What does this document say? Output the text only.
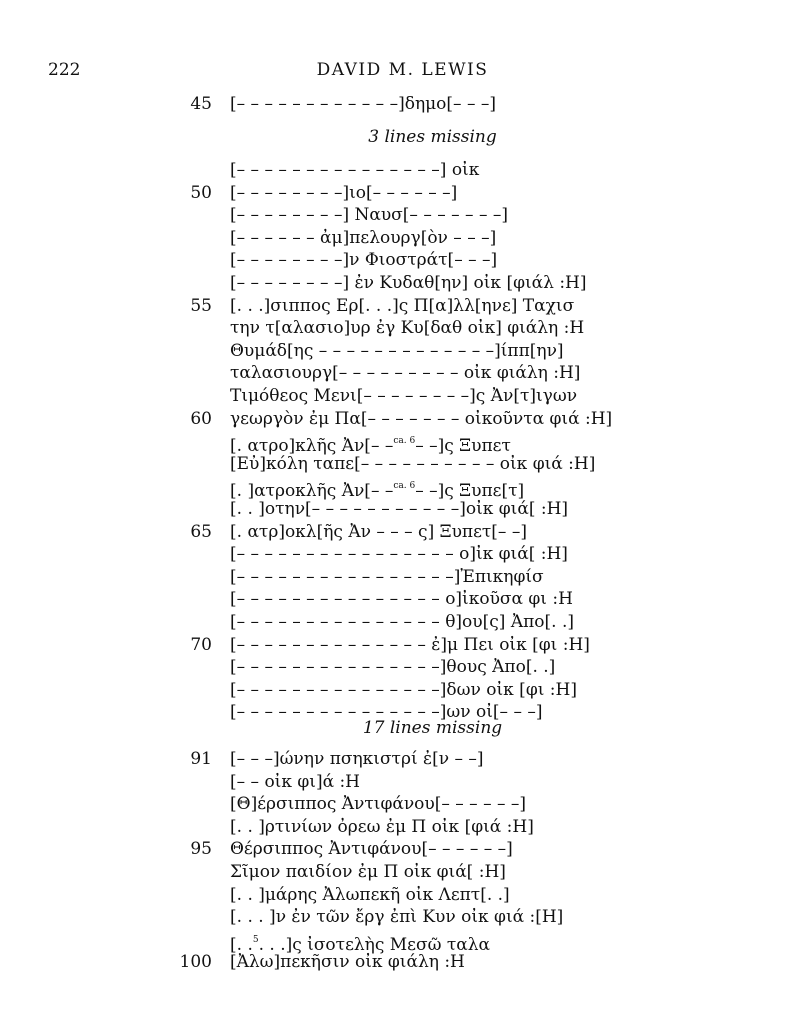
222	DAVID M. LEWIS
45 [– – – – – – – – – – – –]δημο[– – –]
3 lines missing
[– – – – – – – – – – – – – – –] οἰκ
50 [– – – – – – – –]ιο[– – – – – –]
[– – – – – – – –] Ναυσ[– – – – – – –]
[– – – – – – ἀμ]πελουργ[ὸν – – –]
[– – – – – – – –]ν Φιοστράτ[– – –]
[– – – – – – – –] ἐν Κυδαθ[ην] οἰκ [φιάλ :Η]
55 [. . .]σιππος Ερ[. . .]ς Π[α]λλ[ηνε] Ταχισ
την τ[αλασιο]υρ ἐγ Κυ[δαθ οἰκ] φιάλη :Η
Θυμάδ[ης – – – – – – – – – – – – –]ίππ[ην]
ταλασιουργ[– – – – – – – – – οἰκ φιάλη :Η]
Τιμόθεος Μενι[– – – – – – – –]ς Ἀν[τ]ιγων
60 γεωργὸν ἐμ Πα[– – – – – – – οἰκοῦντα φιά :Η]
[. ατρο]κλῆς Ἀν[– –$^{ca. 6}$– –]ς Ξυπετ
[Εὐ]κόλη ταπε[– – – – – – – – – – οἰκ φιά :Η]
[. ]ατροκλῆς Ἀν[– –$^{ca. 6}$– –]ς Ξυπε[τ]
[. . ]οτην[– – – – – – – – – – –]οἰκ φιά[ :Η]
65 [. ατρ]οκλ[ῆς Ἀν – – – ς] Ξυπετ[– –]
[– – – – – – – – – – – – – – – – ο]ἰκ φιά[ :Η]
[– – – – – – – – – – – – – – – –]Ἐπικηφίσ
[– – – – – – – – – – – – – – – ο]ἰκοῦσα φι :Η
[– – – – – – – – – – – – – – – θ]ου[ς] Ἀπο[. .]
70 [– – – – – – – – – – – – – – ἐ]μ Πει οἰκ [φι :Η]
[– – – – – – – – – – – – – – –]θους Ἀπο[. .]
[– – – – – – – – – – – – – – –]δων οἰκ [φι :Η]
[– – – – – – – – – – – – – – –]ων οἰ[– – –]
17 lines missing
91 [– – –]ώνην πσηκιστρί ἐ[ν – –]
[– – οἰκ φι]ά :Η
[Θ]έρσιππος Ἀντιφάνου[– – – – – –]
[. . ]ρτινίων ὀρεω ἐμ Π οἰκ [φιά :Η]
95 Θέρσιππος Ἀντιφάνου[– – – – – –]
Σῖμον παιδίον ἐμ Π οἰκ φιά[ :Η]
[. . ]μάρης Ἀλωπεκῆ οἰκ Λεπτ[. .]
[. . . ]ν ἐν τῶν ἔργ ἐπὶ Κυν οἰκ φιά :[Η]
[. .$^5$. . .]ς ἰσοτελὴς Μεσῶ ταλα
100 [Ἀλω]πεκῆσιν οἰκ φιάλη :Η
